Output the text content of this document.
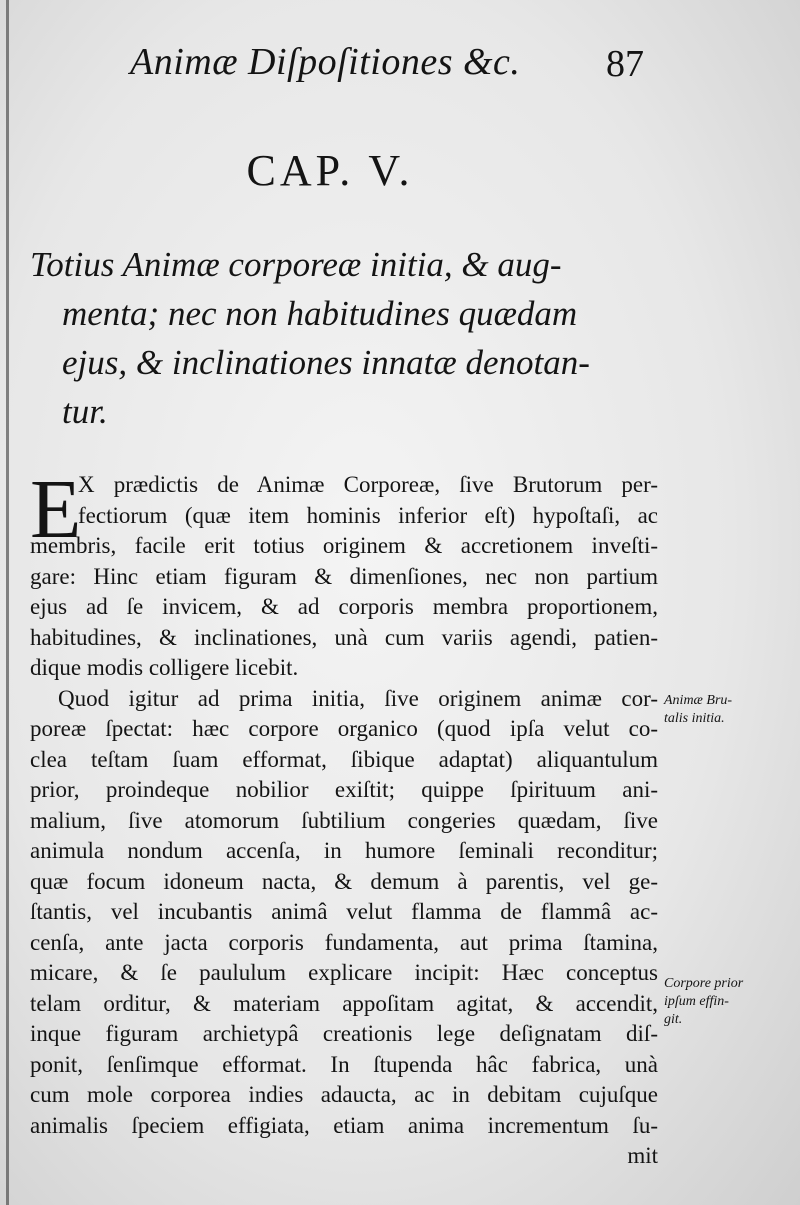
Animæ Diſpoſitiones &c. 87
CAP. V.

Totius Animæ corporeæ initia, & aug-
menta; nec non habitudines quædam
ejus, & inclinationes innatæ denotan-
tur.

E
X prædictis de Animæ Corporeæ, ſive Brutorum per-
fectiorum (quæ item hominis inferior eſt) hypoſtaſi, ac
membris, facile erit totius originem & accretionem inveſti-
gare: Hinc etiam figuram & dimenſiones, nec non partium
ejus ad ſe invicem, & ad corporis membra proportionem,
habitudines, & inclinationes, unà cum variis agendi, patien-
dique modis colligere licebit.
Quod igitur ad prima initia, ſive originem animæ cor-
poreæ ſpectat: hæc corpore organico (quod ipſa velut co-
clea teſtam ſuam efformat, ſibique adaptat) aliquantulum
prior, proindeque nobilior exiſtit; quippe ſpirituum ani-
malium, ſive atomorum ſubtilium congeries quædam, ſive
animula nondum accenſa, in humore ſeminali reconditur;
quæ focum idoneum nacta, & demum à parentis, vel ge-
ſtantis, vel incubantis animâ velut flamma de flammâ ac-
cenſa, ante jacta corporis fundamenta, aut prima ſtamina,
micare, & ſe paululum explicare incipit: Hæc conceptus
telam orditur, & materiam appoſitam agitat, & accendit,
inque figuram archietypâ creationis lege deſignatam diſ-
ponit, ſenſimque efformat. In ſtupenda hâc fabrica, unà
cum mole corporea indies adaucta, ac in debitam cujuſque
animalis ſpeciem effigiata, etiam anima incrementum ſu-
mit
Animæ Bru-
talis initia.
Corpore prior
ipſum effin-
git.
